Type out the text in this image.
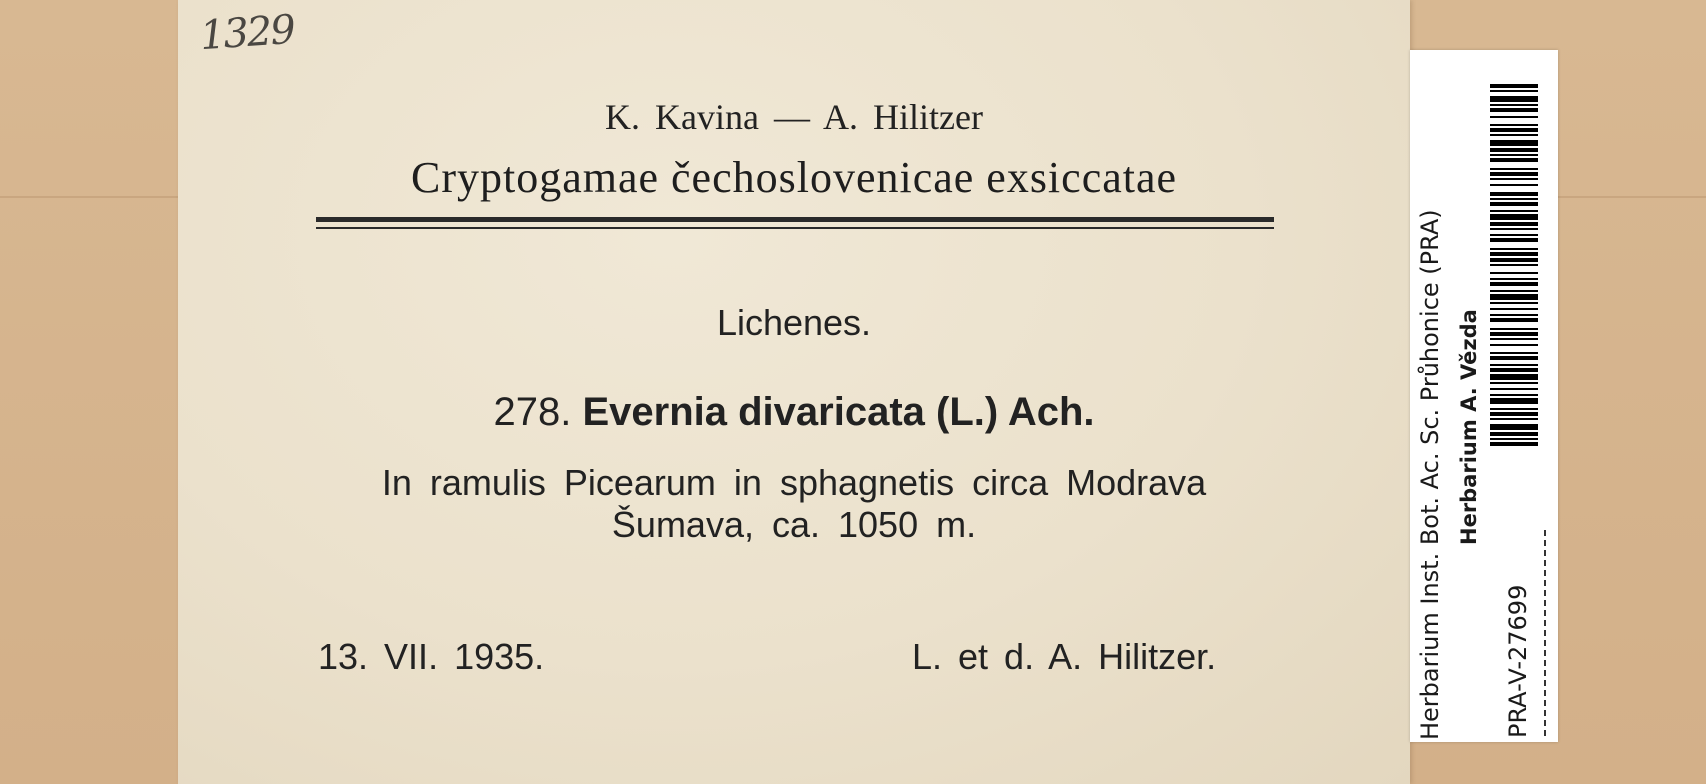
1329
K. Kavina — A. Hilitzer
Cryptogamae čechoslovenicae exsiccatae
Lichenes.
278. Evernia divaricata (L.) Ach.
In ramulis Picearum in sphagnetis circa Modrava
Šumava, ca. 1050 m.
13. VII. 1935.	L. et d. A. Hilitzer.	Herbarium Inst. Bot. Ac. Sc. Průhonice (PRA) Herbarium A. Vězda
PRA-V-27699
